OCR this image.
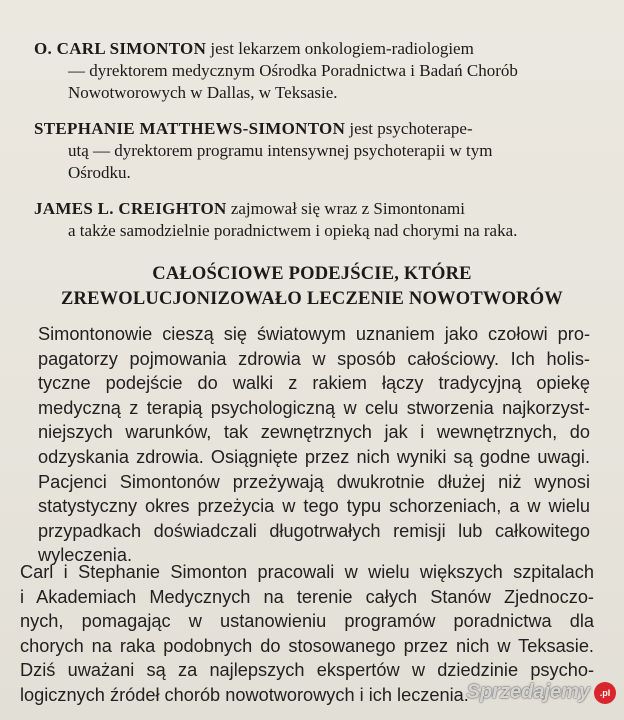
O. CARL SIMONTON jest lekarzem onkologiem-radiologiem
— dyrektorem medycznym Ośrodka Poradnictwa i Badań Chorób
Nowotworowych w Dallas, w Teksasie.
STEPHANIE MATTHEWS-SIMONTON jest psychoterape-
utą — dyrektorem programu intensywnej psychoterapii w tym
Ośrodku.
JAMES L. CREIGHTON zajmował się wraz z Simontonami
a także samodzielnie poradnictwem i opieką nad chorymi na raka.
CAŁOŚCIOWE PODEJŚCIE, KTÓRE
ZREWOLUCJONIZOWAŁO LECZENIE NOWOTWORÓW
Simontonowie cieszą się światowym uznaniem jako czołowi pro-
pagatorzy pojmowania zdrowia w sposób całościowy. Ich holis-
tyczne podejście do walki z rakiem łączy tradycyjną opiekę
medyczną z terapią psychologiczną w celu stworzenia najkorzyst-
niejszych warunków, tak zewnętrznych jak i wewnętrznych, do
odzyskania zdrowia. Osiągnięte przez nich wyniki są godne uwagi.
Pacjenci Simontonów przeżywają dwukrotnie dłużej niż wynosi
statystyczny okres przeżycia w tego typu schorzeniach, a w wielu
przypadkach doświadczali długotrwałych remisji lub całkowitego
wyleczenia.
Carl i Stephanie Simonton pracowali w wielu większych szpitalach
i Akademiach Medycznych na terenie całych Stanów Zjednoczo-
nych, pomagając w ustanowieniu programów poradnictwa dla
chorych na raka podobnych do stosowanego przez nich w Teksasie.
Dziś uważani są za najlepszych ekspertów w dziedzinie psycho-
logicznych źródeł chorób nowotworowych i ich leczenia.
Sprzedajemy	.pl
